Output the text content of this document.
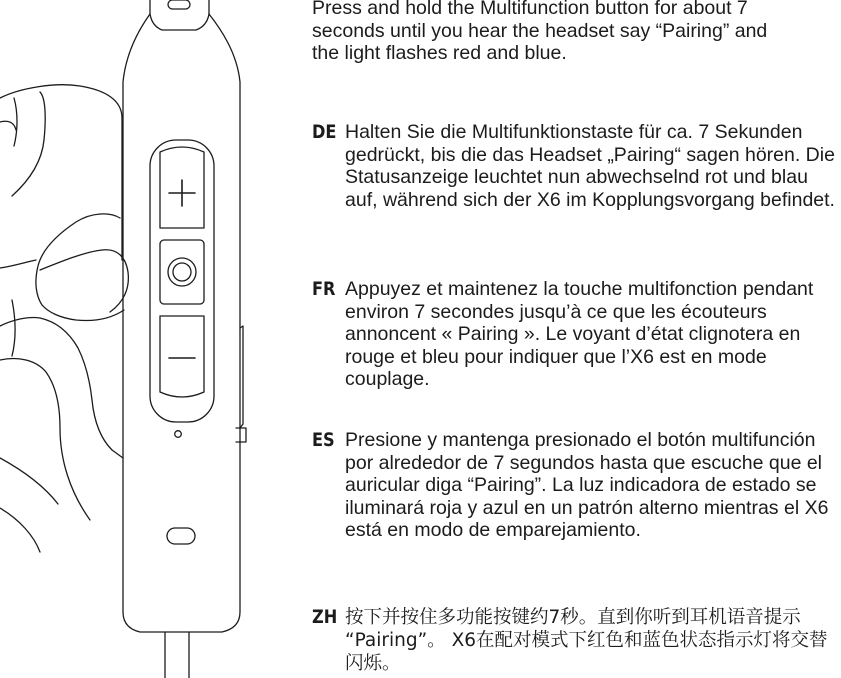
Press and hold the Multifunction button for about 7 seconds until you hear the headset say “Pairing” and the light flashes red and blue.

DE Halten Sie die Multifunktionstaste für ca. 7 Sekunden gedrückt, bis die das Headset „Pairing“ sagen hören. Die Statusanzeige leuchtet nun abwechselnd rot und blau auf, während sich der X6 im Kopplungsvorgang befindet.

FR Appuyez et maintenez la touche multifonction pendant environ 7 secondes jusqu’à ce que les écouteurs annoncent « Pairing ». Le voyant d’état clignotera en rouge et bleu pour indiquer que l’X6 est en mode couplage.

ES Presione y mantenga presionado el botón multifunción por alrededor de 7 segundos hasta que escuche que el auricular diga “Pairing”. La luz indicadora de estado se iluminará roja y azul en un patrón alterno mientras el X6 está en modo de emparejamiento.

ZH 按下并按住多功能按键约7秒。直到你听到耳机语音提示 “Pairing”。 X6在配对模式下红色和蓝色状态指示灯将交替闪烁。
